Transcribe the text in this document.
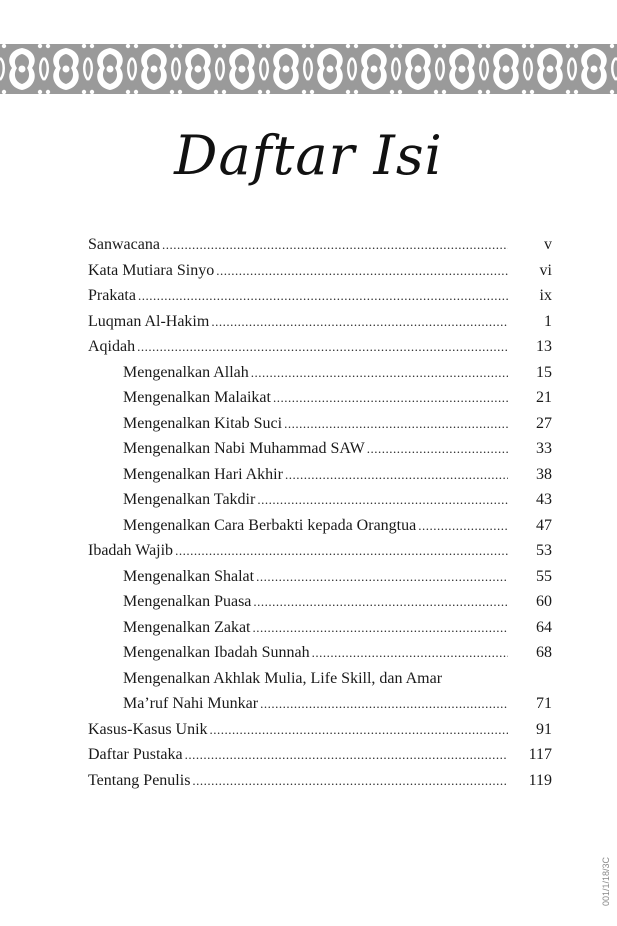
Daftar Isi
Sanwacana .....	v
Kata Mutiara Sinyo .....	vi
Prakata .....	ix
Luqman Al-Hakim .....	1
Aqidah .....	13
Mengenalkan Allah .....	15
Mengenalkan Malaikat .....	21
Mengenalkan Kitab Suci .....	27
Mengenalkan Nabi Muhammad SAW .....	33
Mengenalkan Hari Akhir .....	38
Mengenalkan Takdir .....	43
Mengenalkan Cara Berbakti kepada Orangtua .....	47
Ibadah Wajib .....	53
Mengenalkan Shalat .....	55
Mengenalkan Puasa .....	60
Mengenalkan Zakat .....	64
Mengenalkan Ibadah Sunnah .....	68
Mengenalkan Akhlak Mulia, Life Skill, dan Amar
Ma’ruf Nahi Munkar .....	71
Kasus-Kasus Unik .....	91
Daftar Pustaka .....	117
Tentang Penulis .....	119
001/1/18/3C
